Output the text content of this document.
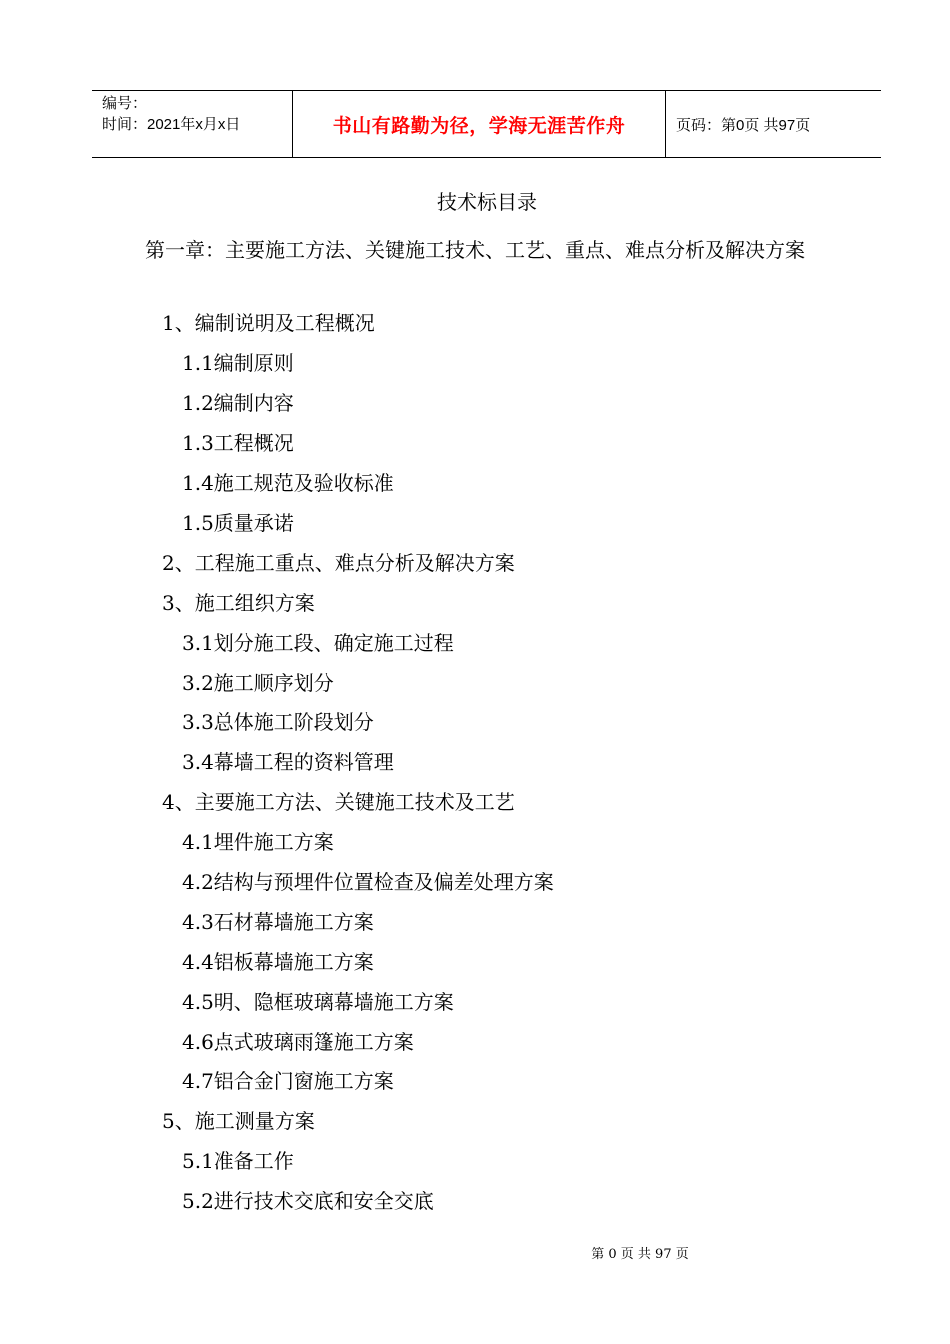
编号：
时间：2021年x月x日	书山有路勤为径，学海无涯苦作舟	页码：第0页 共97页
技术标目录
第一章：主要施工方法、关键施工技术、工艺、重点、难点分析及解决方案
1、编制说明及工程概况
1.1编制原则
1.2编制内容
1.3工程概况
1.4施工规范及验收标准
1.5质量承诺
2、工程施工重点、难点分析及解决方案
3、施工组织方案
3.1划分施工段、确定施工过程
3.2施工顺序划分
3.3总体施工阶段划分
3.4幕墙工程的资料管理
4、主要施工方法、关键施工技术及工艺
4.1埋件施工方案
4.2结构与预埋件位置检查及偏差处理方案
4.3石材幕墙施工方案
4.4铝板幕墙施工方案
4.5明、隐框玻璃幕墙施工方案
4.6点式玻璃雨篷施工方案
4.7铝合金门窗施工方案
5、施工测量方案
5.1准备工作
5.2进行技术交底和安全交底
第 0 页 共 97 页
